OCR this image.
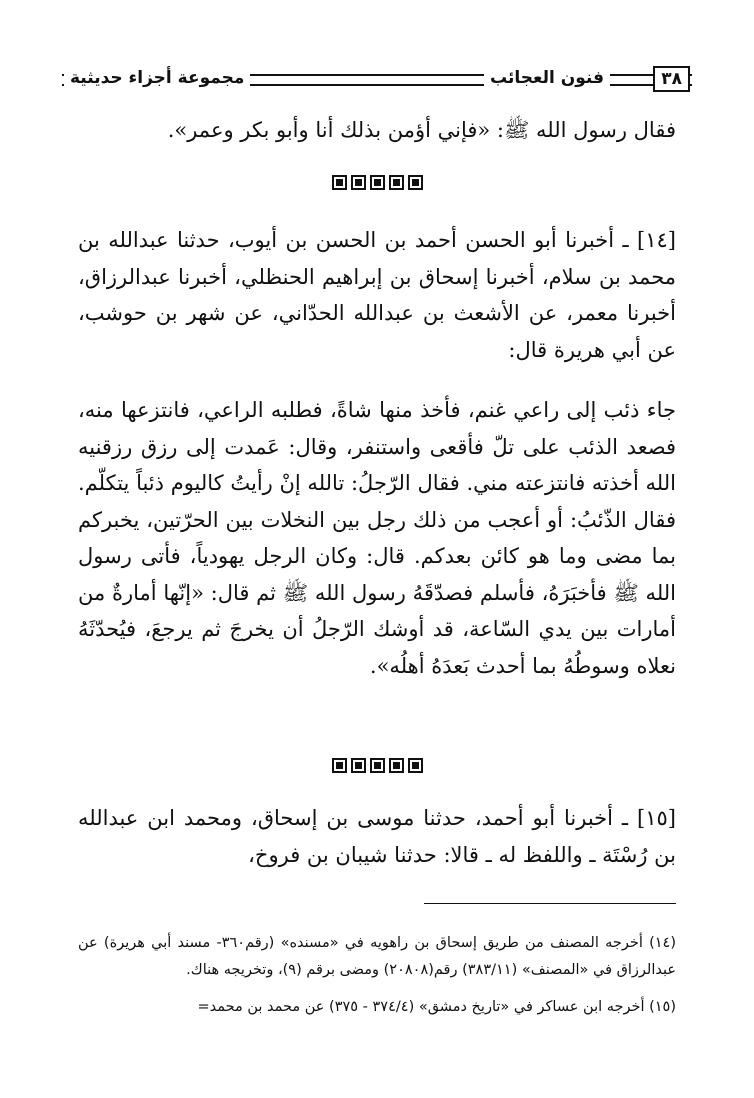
٣٨
فنون العجائب
مجموعة أجزاء حديثية

فقال رسول الله ﷺ: «فإني أؤمن بذلك أنا وأبو بكر وعمر».

[١٤] ـ أخبرنا أبو الحسن أحمد بن الحسن بن أيوب، حدثنا عبدالله بن محمد بن سلام، أخبرنا إسحاق بن إبراهيم الحنظلي، أخبرنا عبدالرزاق، أخبرنا معمر، عن الأشعث بن عبدالله الحدّاني، عن شهر بن حوشب، عن أبي هريرة قال:

جاء ذئب إلى راعي غنم، فأخذ منها شاةً، فطلبه الراعي، فانتزعها منه، فصعد الذئب على تلّ فأقعى واستنفر، وقال: عَمدت إلى رزق رزقنيه الله أخذته فانتزعته مني. فقال الرّجلُ: تالله إنْ رأيتُ كاليوم ذئباً يتكلّم. فقال الذّئبُ: أو أعجب من ذلك رجل بين النخلات بين الحرّتين، يخبركم بما مضى وما هو كائن بعدكم. قال: وكان الرجل يهودياً، فأتى رسول الله ﷺ فأخبَرَهُ، فأسلم فصدّقَهُ رسول الله ﷺ ثم قال: «إنّها أمارةٌ من أمارات بين يدي السّاعة، قد أوشك الرّجلُ أن يخرجَ ثم يرجعَ، فيُحدّثَهُ نعلاه وسوطُهُ بما أحدث بَعدَهُ أهلُه».

[١٥] ـ أخبرنا أبو أحمد، حدثنا موسى بن إسحاق، ومحمد ابن عبدالله بن رُسْتَة ـ واللفظ له ـ قالا: حدثنا شيبان بن فروخ،

(١٤) أخرجه المصنف من طريق إسحاق بن راهويه في «مسنده» (رقم٣٦٠- مسند أبي هريرة) عن عبدالرزاق في «المصنف» (٣٨٣/١١) رقم(٢٠٨٠٨) ومضى برقم (٩)، وتخريجه هناك.

(١٥) أخرجه ابن عساكر في «تاريخ دمشق» (٣٧٤/٤ - ٣٧٥) عن محمد بن محمد=
